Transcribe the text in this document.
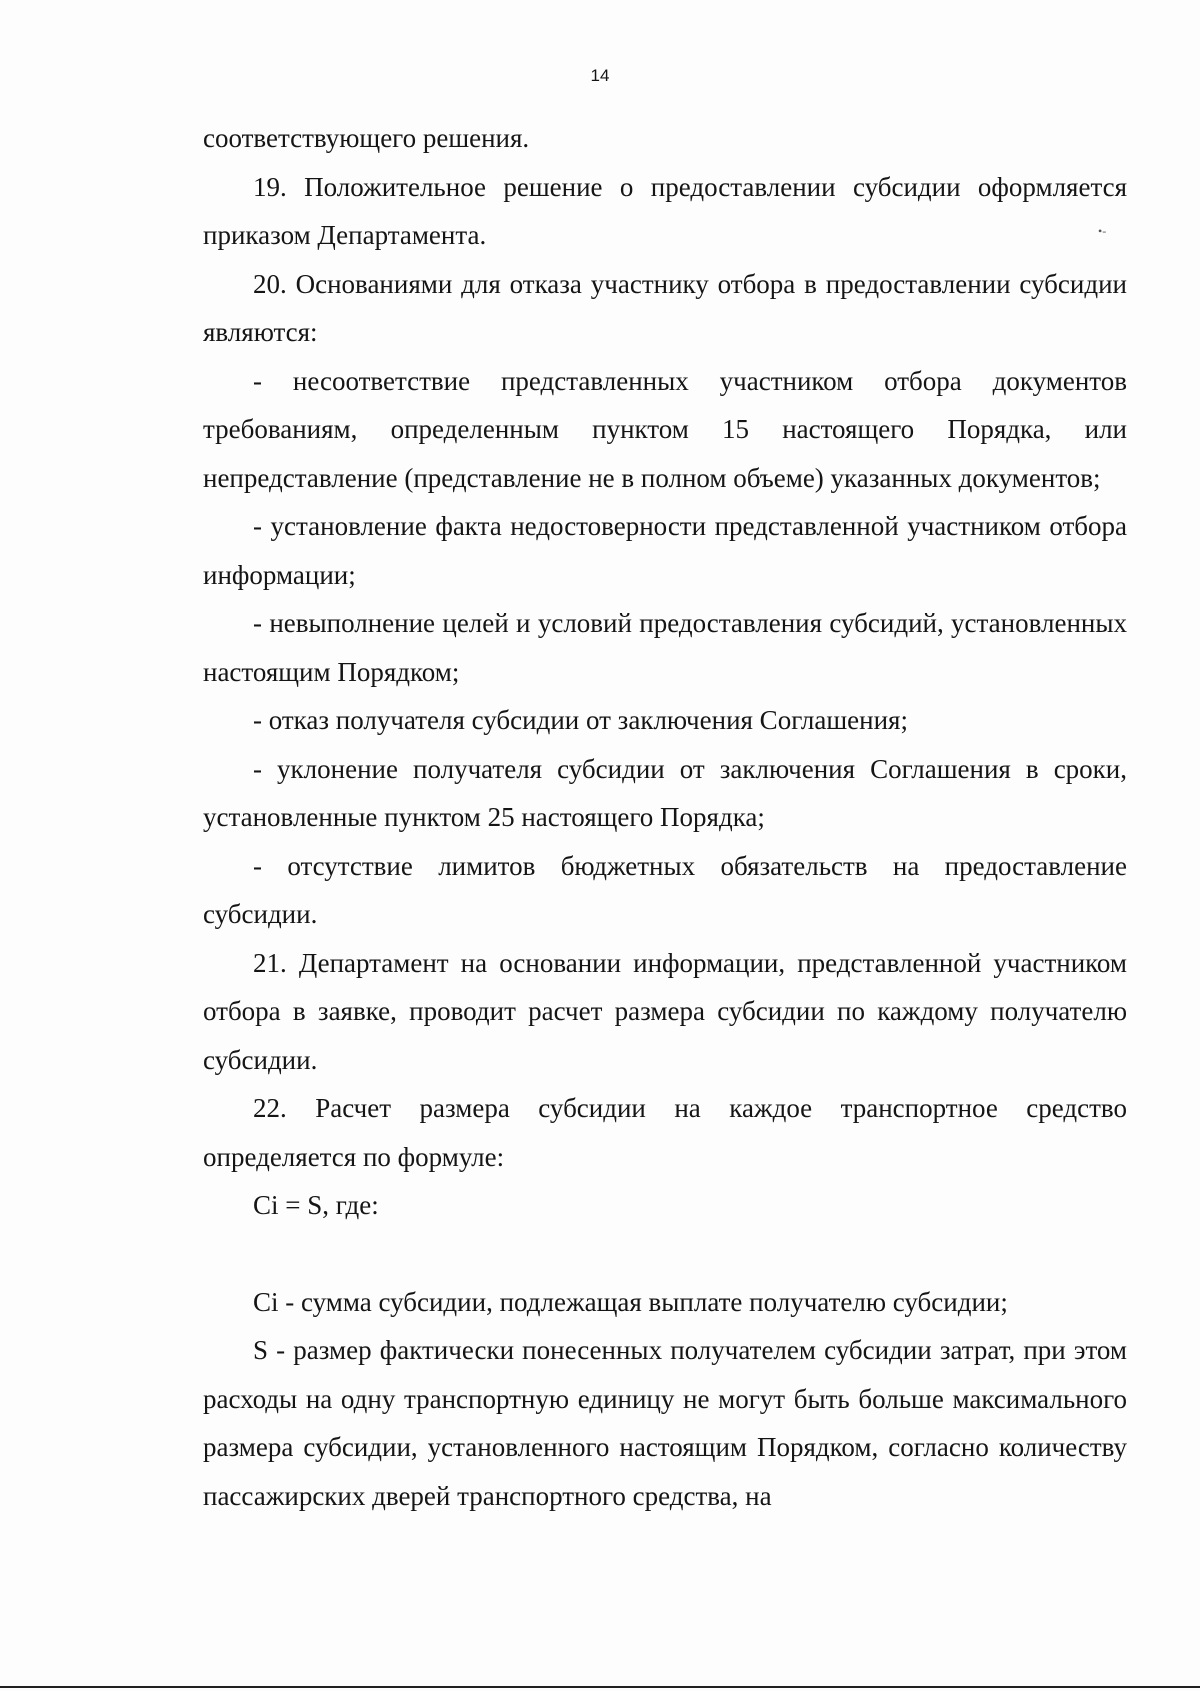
14
•-

соответствующего решения.

19. Положительное решение о предоставлении субсидии оформляется приказом Департамента.

20. Основаниями для отказа участнику отбора в предоставлении субсидии являются:

- несоответствие представленных участником отбора документов требованиям, определенным пунктом 15 настоящего Порядка, или непредставление (представление не в полном объеме) указанных документов;

- установление факта недостоверности представленной участником отбора информации;

- невыполнение целей и условий предоставления субсидий, установленных настоящим Порядком;

- отказ получателя субсидии от заключения Соглашения;

- уклонение получателя субсидии от заключения Соглашения в сроки, установленные пунктом 25 настоящего Порядка;

- отсутствие лимитов бюджетных обязательств на предоставление субсидии.

21. Департамент на основании информации, представленной участником отбора в заявке, проводит расчет размера субсидии по каждому получателю субсидии.

22. Расчет размера субсидии на каждое транспортное средство определяется по формуле:

Ci = S, где:

Ci - сумма субсидии, подлежащая выплате получателю субсидии;

S - размер фактически понесенных получателем субсидии затрат, при этом расходы на одну транспортную единицу не могут быть больше максимального размера субсидии, установленного настоящим Порядком, согласно количеству пассажирских дверей транспортного средства, на
